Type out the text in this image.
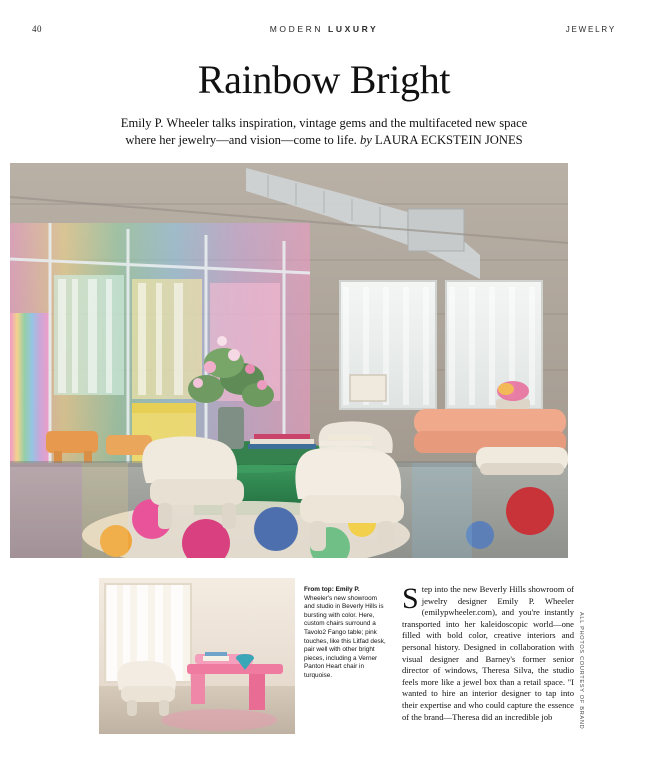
40	MODERN LUXURY	JEWELRY
Rainbow Bright
Emily P. Wheeler talks inspiration, vintage gems and the multifaceted new space
where her jewelry—and vision—come to life. by LAURA ECKSTEIN JONES
From top: Emily P. Wheeler's new showroom and studio in Beverly Hills is bursting with color. Here, custom chairs surround a Tavolo2 Fango table; pink touches, like this Litfad desk, pair well with other bright pieces, including a Verner Panton Heart chair in turquoise.
Step into the new Beverly Hills showroom of jewelry designer Emily P. Wheeler (emilypwheeler.com), and you're instantly transported into her kaleidoscopic world—one filled with bold color, creative interiors and personal history. Designed in collaboration with visual designer and Barney's former senior director of windows, Theresa Silva, the studio feels more like a jewel box than a retail space. "I wanted to hire an interior designer to tap into their expertise and who could capture the essence of the brand—Theresa did an incredible job	ALL PHOTOS COURTESY OF BRAND
